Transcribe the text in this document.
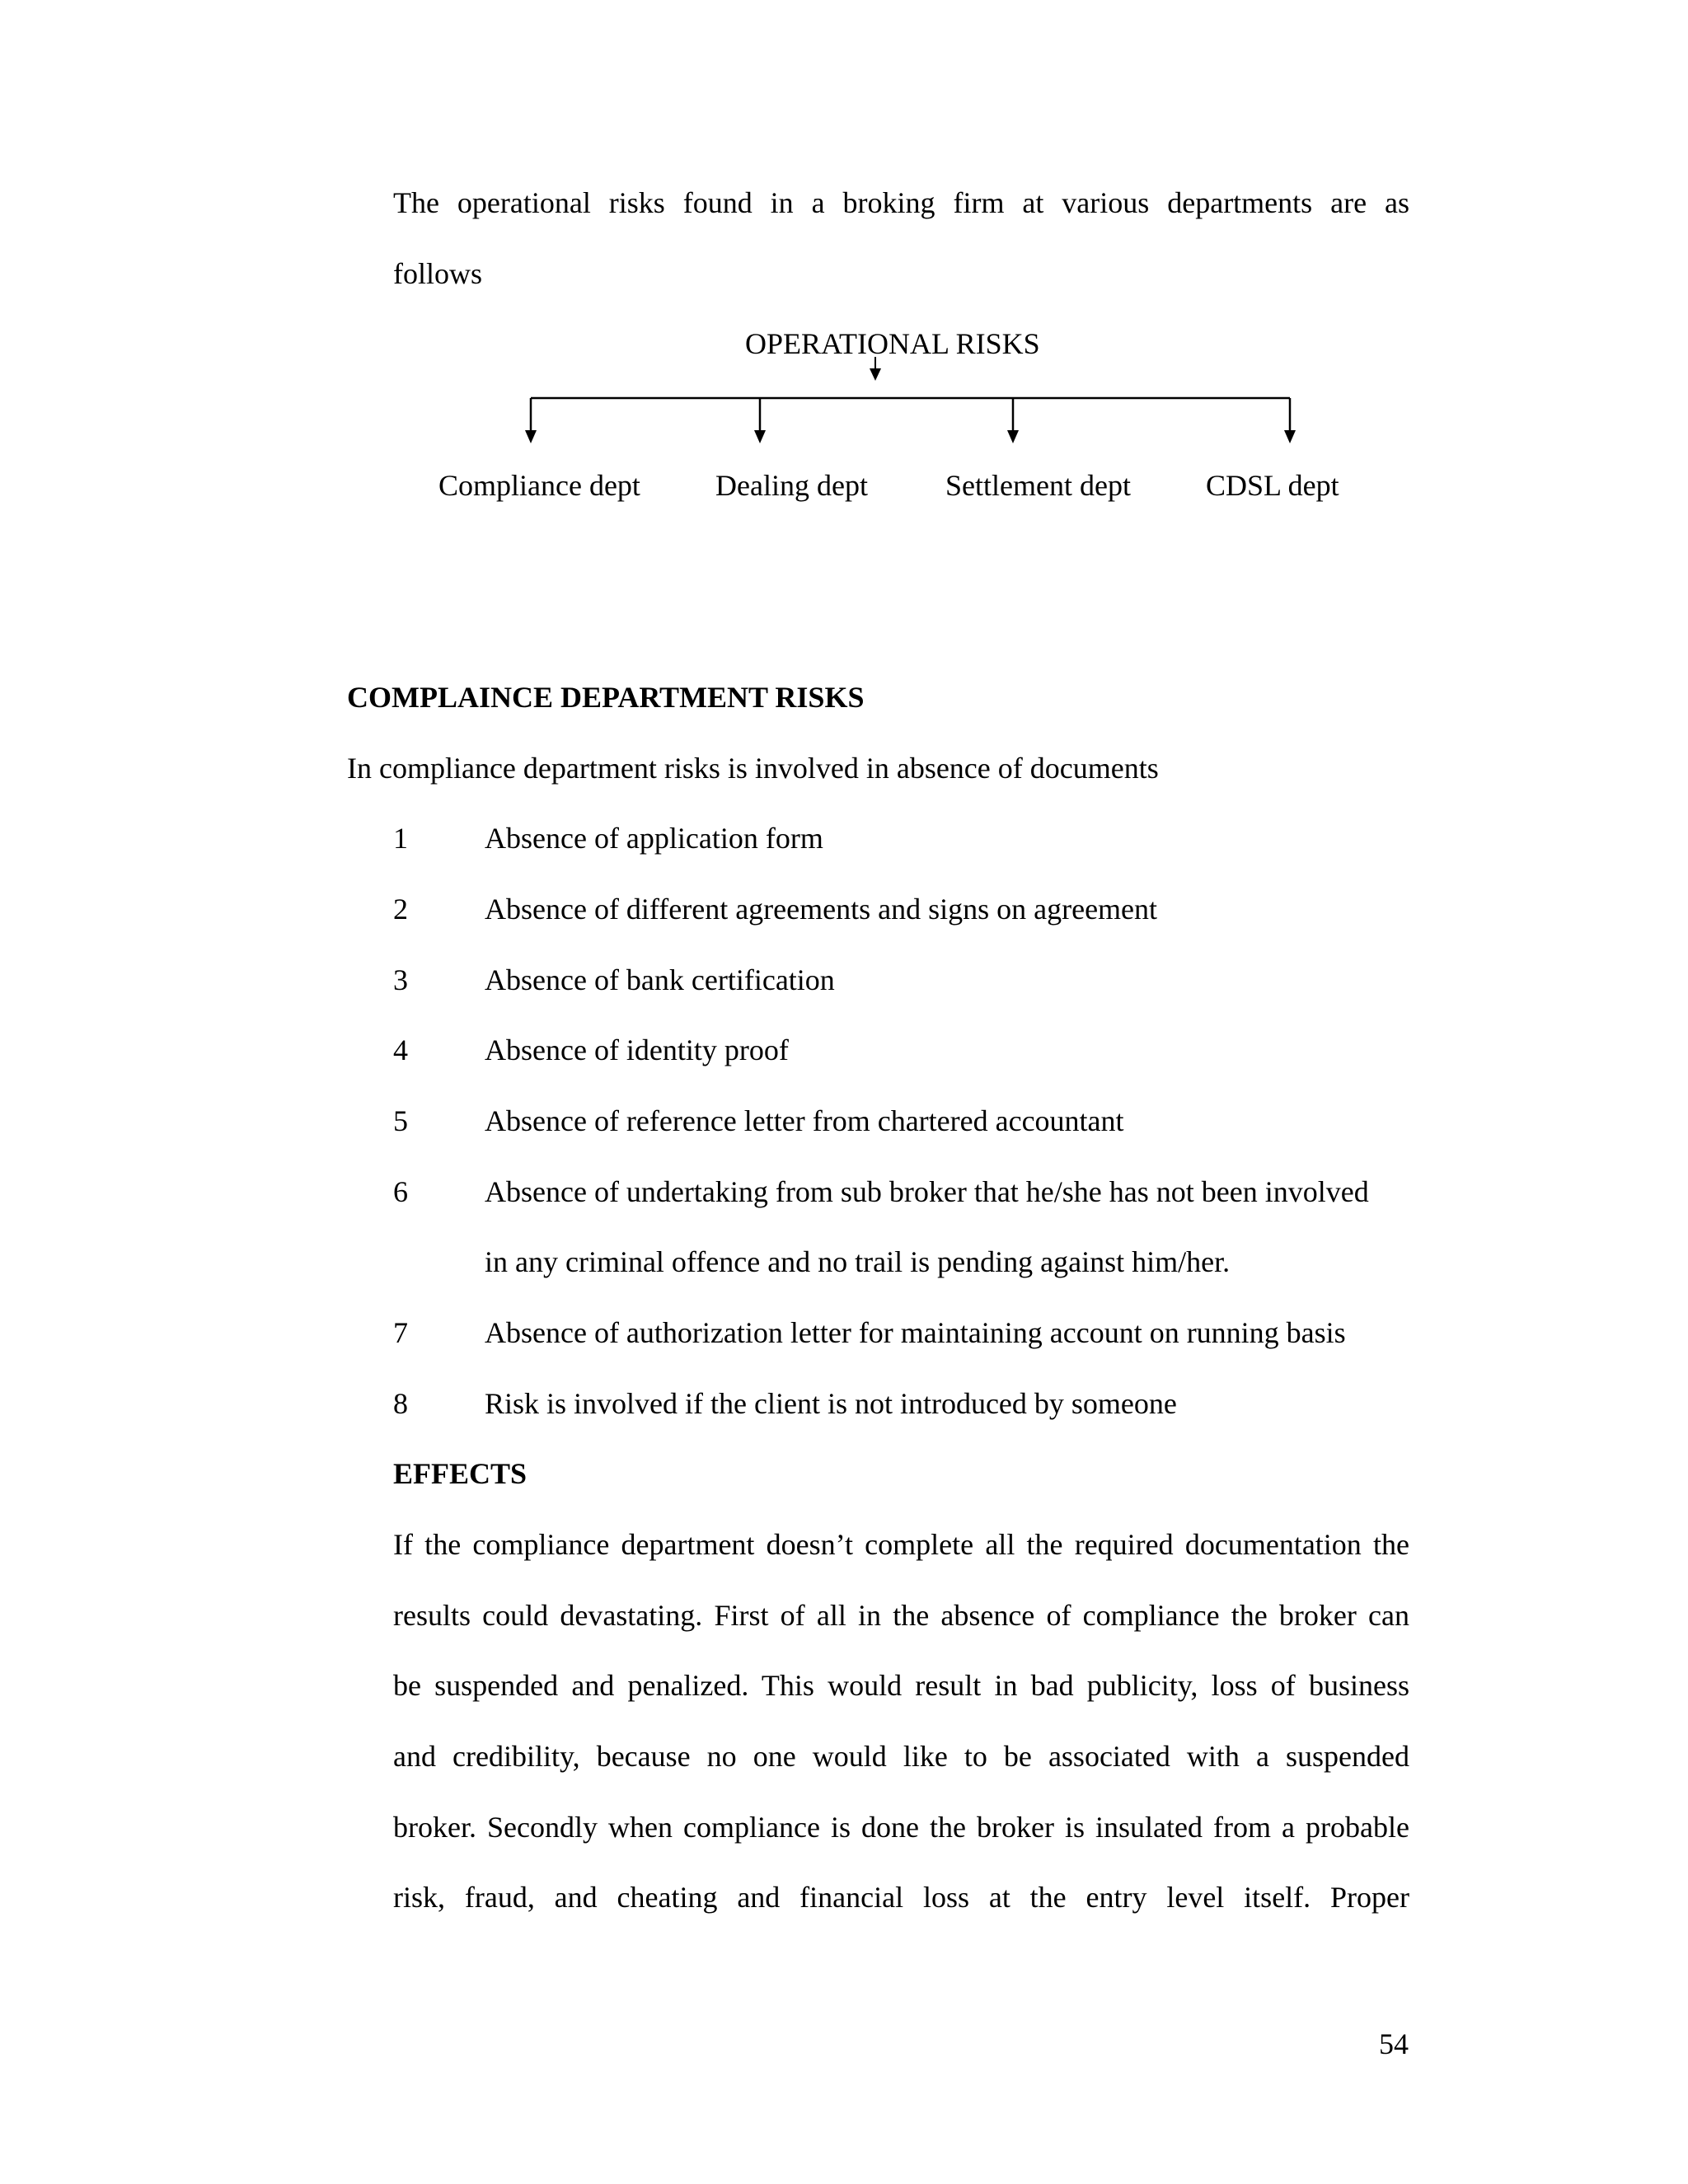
The operational risks found in a broking firm at various departments are as
follows
OPERATIONAL RISKS
Compliance dept	Dealing dept	Settlement dept	CDSL dept
COMPLAINCE DEPARTMENT RISKS
In compliance department risks is involved in absence of documents
1	Absence of application form
2	Absence of different agreements and signs on agreement
3	Absence of bank certification
4	Absence of identity proof
5	Absence of reference letter from chartered accountant
6	Absence of undertaking from sub broker that he/she has not been involved
in any criminal offence and no trail is pending against him/her.
7	Absence of authorization letter for maintaining account on running basis
8	Risk is involved if the client is not introduced by someone
EFFECTS
If the compliance department doesn’t complete all the required documentation the
results could devastating. First of all in the absence of compliance the broker can
be suspended and penalized. This would result in bad publicity, loss of business
and credibility, because no one would like to be associated with a suspended
broker. Secondly when compliance is done the broker is insulated from a probable
risk, fraud, and cheating and financial loss at the entry level itself. Proper
54
